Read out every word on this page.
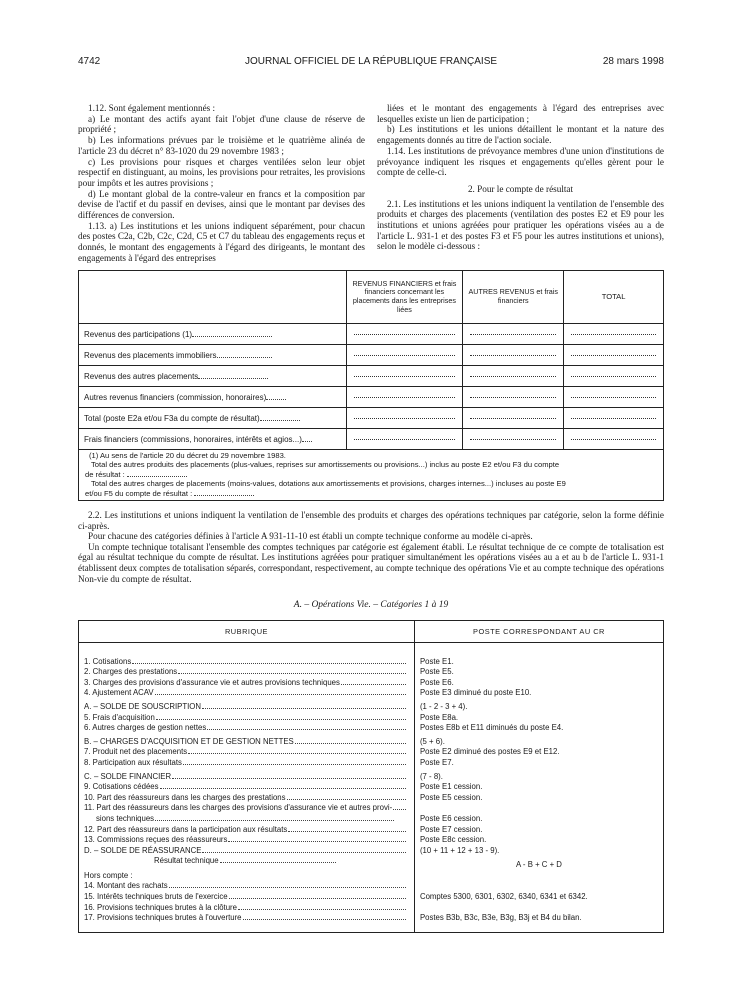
4742	JOURNAL OFFICIEL DE LA RÉPUBLIQUE FRANÇAISE	28 mars 1998

1.12. Sont également mentionnés :

a) Le montant des actifs ayant fait l'objet d'une clause de réserve de propriété ;

b) Les informations prévues par le troisième et le quatrième alinéa de l'article 23 du décret n° 83-1020 du 29 novembre 1983 ;

c) Les provisions pour risques et charges ventilées selon leur objet respectif en distinguant, au moins, les provisions pour retraites, les provisions pour impôts et les autres provisions ;

d) Le montant global de la contre-valeur en francs et la composition par devise de l'actif et du passif en devises, ainsi que le montant par devises des différences de conversion.

1.13. a) Les institutions et les unions indiquent séparément, pour chacun des postes C2a, C2b, C2c, C2d, C5 et C7 du tableau des engagements reçus et donnés, le montant des engagements à l'égard des dirigeants, le montant des engagements à l'égard des entreprises

liées et le montant des engagements à l'égard des entreprises avec lesquelles existe un lien de participation ;

b) Les institutions et les unions détaillent le montant et la nature des engagements donnés au titre de l'action sociale.

1.14. Les institutions de prévoyance membres d'une union d'institutions de prévoyance indiquent les risques et engagements qu'elles gèrent pour le compte de celle-ci.

2. Pour le compte de résultat

2.1. Les institutions et les unions indiquent la ventilation de l'ensemble des produits et charges des placements (ventilation des postes E2 et E9 pour les institutions et unions agréées pour pratiquer les opérations visées au a de l'article L. 931-1 et des postes F3 et F5 pour les autres institutions et unions), selon le modèle ci-dessous :

	REVENUS FINANCIERS et frais financiers concernant les placements dans les entreprises liées	AUTRES REVENUS et frais financiers	TOTAL
Revenus des participations (1)	

Revenus des placements immobiliers	

Revenus des autres placements	

Autres revenus financiers (commission, honoraires)	

Total (poste E2a et/ou F3a du compte de résultat)	

Frais financiers (commissions, honoraires, intérêts et agios...)	

(1) Au sens de l'article 20 du décret du 29 novembre 1983.
Total des autres produits des placements (plus-values, reprises sur amortissements ou provisions...) inclus au poste E2 et/ou F3 du compte
de résultat :
Total des autres charges de placements (moins-values, dotations aux amortissements et provisions, charges internes...) incluses au poste E9
et/ou F5 du compte de résultat :

2.2. Les institutions et unions indiquent la ventilation de l'ensemble des produits et charges des opérations techniques par catégorie, selon la forme définie ci-après.

Pour chacune des catégories définies à l'article A 931-11-10 est établi un compte technique conforme au modèle ci-après.

Un compte technique totalisant l'ensemble des comptes techniques par catégorie est également établi. Le résultat technique de ce compte de totalisation est égal au résultat technique du compte de résultat. Les institutions agréées pour pratiquer simultanément les opérations visées au a et au b de l'article L. 931-1 établissent deux comptes de totalisation séparés, correspondant, respectivement, au compte technique des opérations Vie et au compte technique des opérations Non-vie du compte de résultat.

A. – Opérations Vie. – Catégories 1 à 19
RUBRIQUE	POSTE CORRESPONDANT AU CR

1. Cotisations	Poste E1.
2. Charges des prestations	Poste E5.
3. Charges des provisions d'assurance vie et autres provisions techniques	Poste E6.
4. Ajustement ACAV	Poste E3 diminué du poste E10.
A. – SOLDE DE SOUSCRIPTION	(1 - 2 - 3 + 4).
5. Frais d'acquisition	Poste E8a.
6. Autres charges de gestion nettes	Postes E8b et E11 diminués du poste E4.
B. – CHARGES D'ACQUISITION ET DE GESTION NETTES	(5 + 6).
7. Produit net des placements	Poste E2 diminué des postes E9 et E12.
8. Participation aux résultats	Poste E7.
C. – SOLDE FINANCIER	(7 - 8).
9. Cotisations cédées	Poste E1 cession.
10. Part des réassureurs dans les charges des prestations	Poste E5 cession.
11. Part des réassureurs dans les charges des provisions d'assurance vie et autres provi-	
sions techniques	Poste E6 cession.
12. Part des réassureurs dans la participation aux résultats	Poste E7 cession.
13. Commissions reçues des réassureurs	Poste E8c cession.
D. – SOLDE DE RÉASSURANCE	(10 + 11 + 12 + 13 - 9).
Résultat technique	A - B + C + D
Hors compte :	
14. Montant des rachats	
15. Intérêts techniques bruts de l'exercice	Comptes 5300, 6301, 6302, 6340, 6341 et 6342.
16. Provisions techniques brutes à la clôture	
17. Provisions techniques brutes à l'ouverture	Postes B3b, B3c, B3e, B3g, B3j et B4 du bilan.
